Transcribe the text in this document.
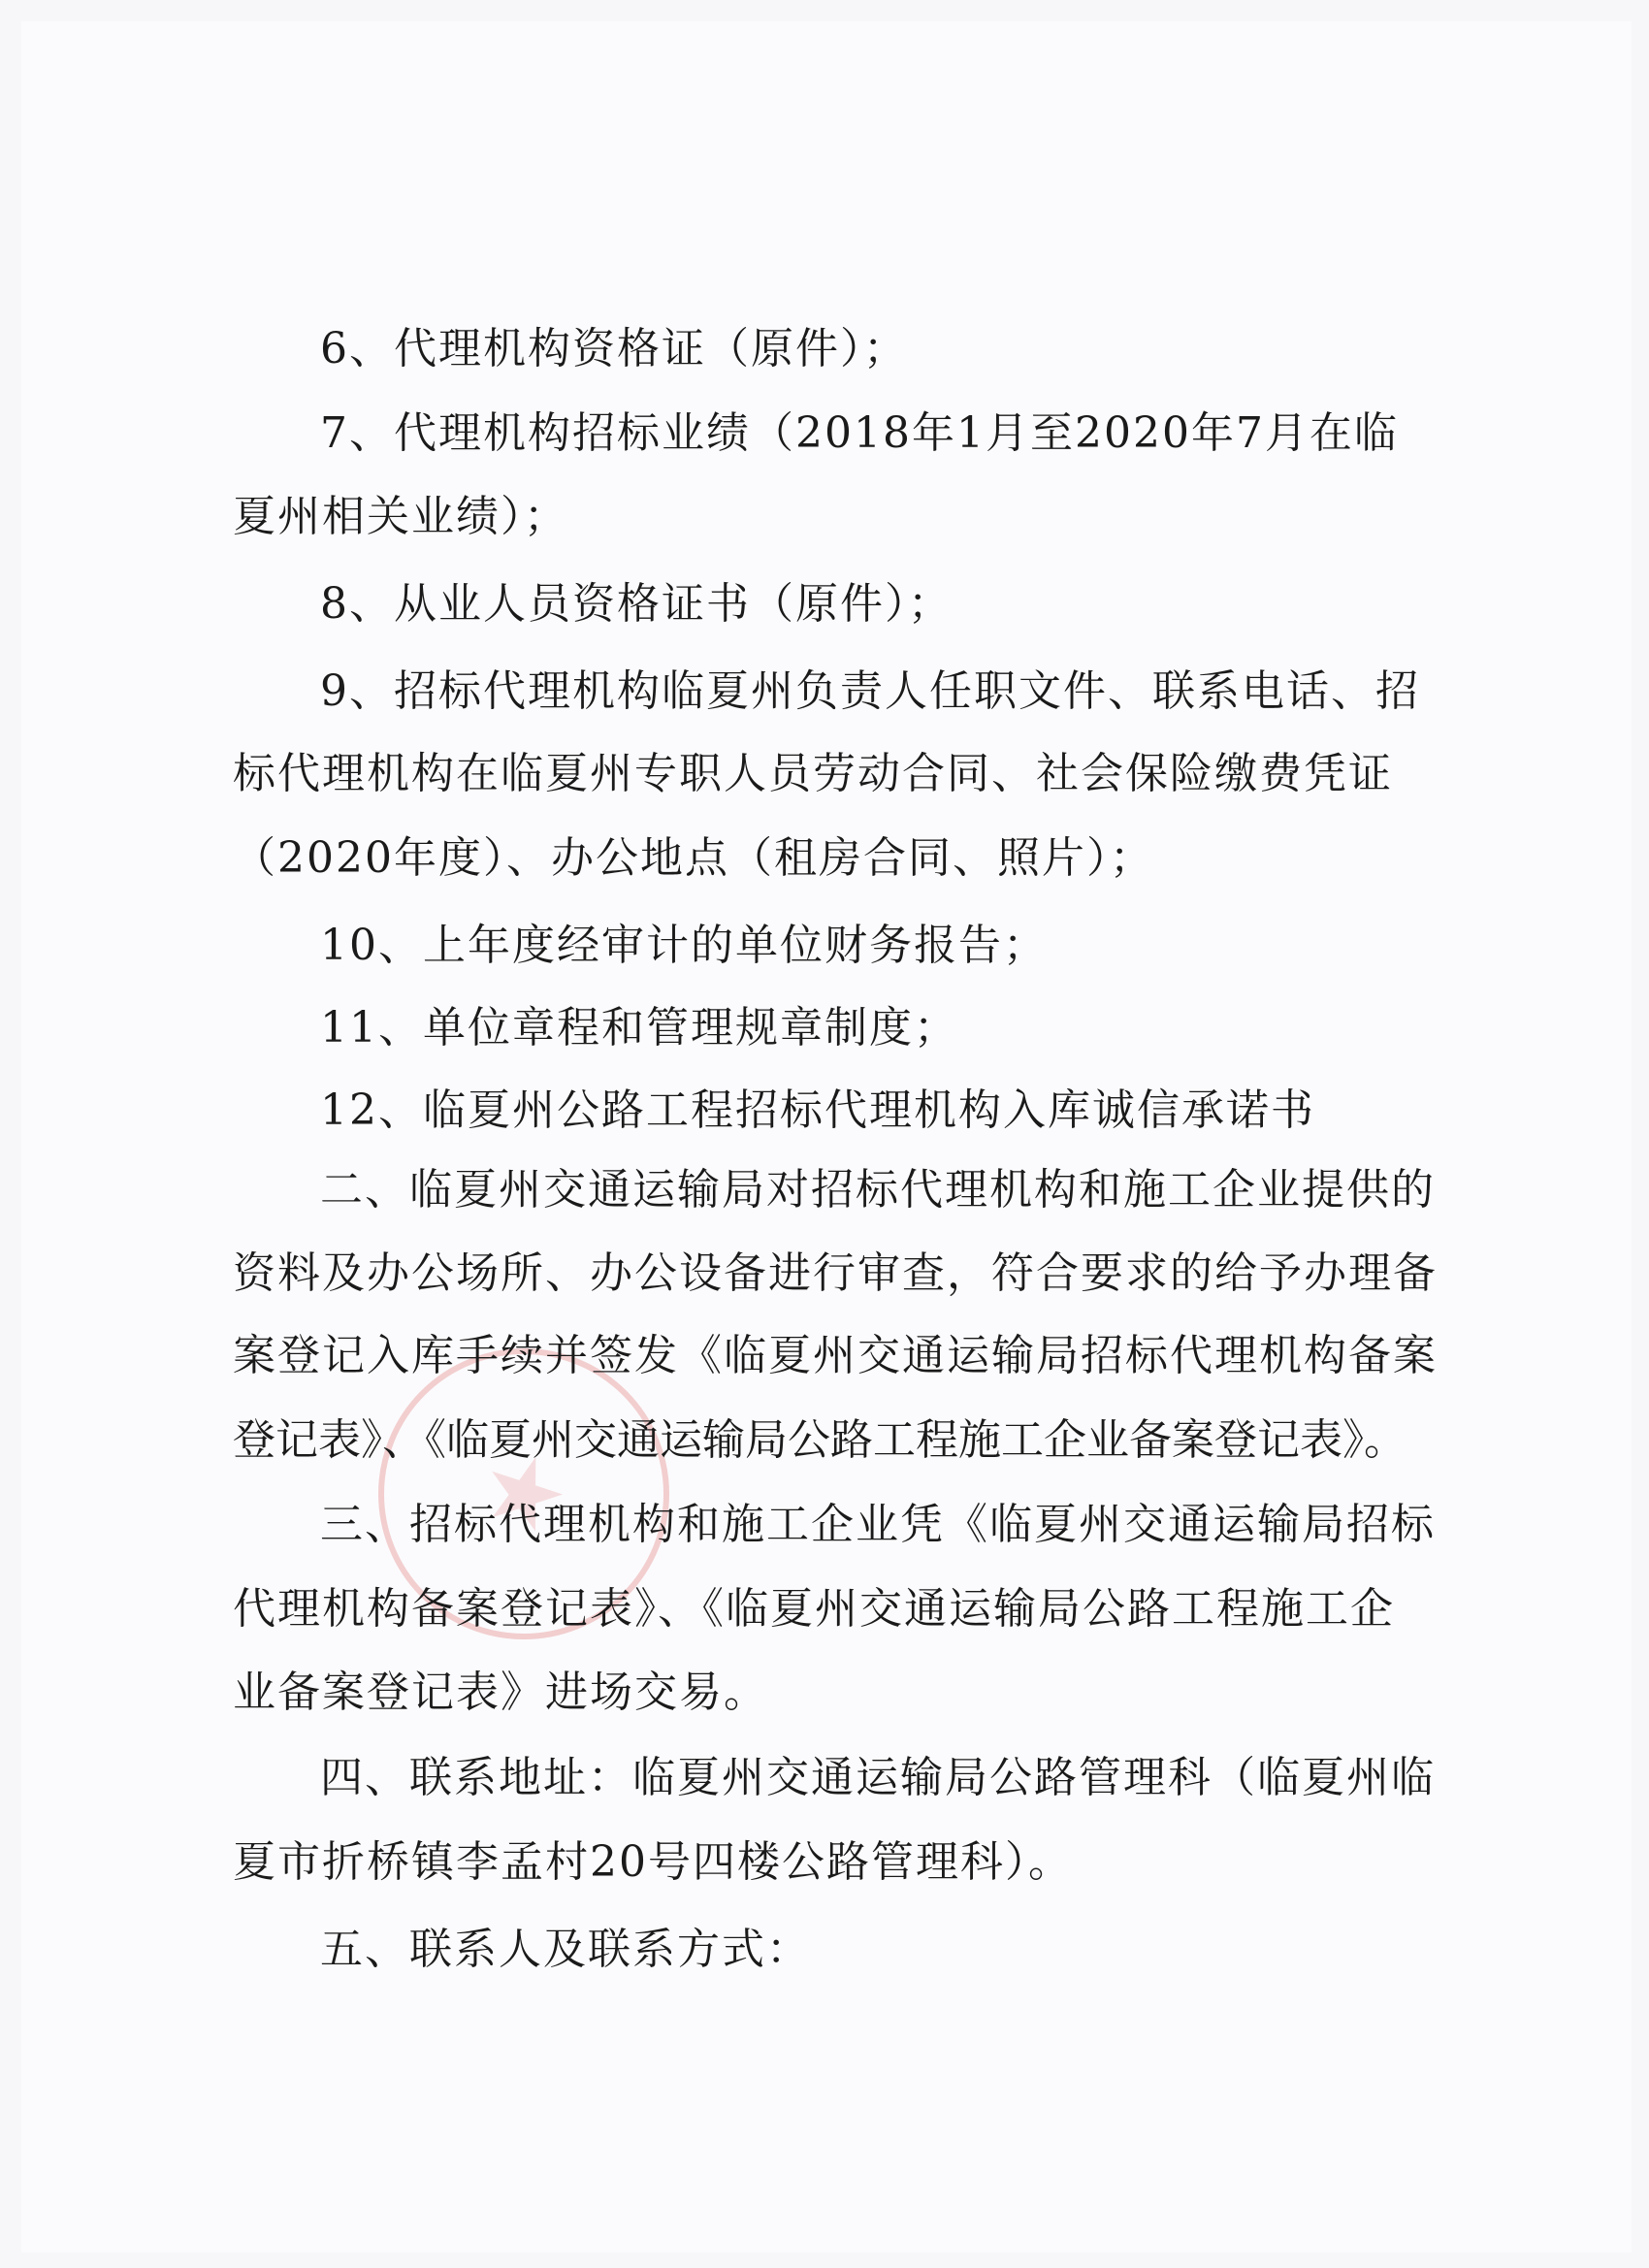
6、代理机构资格证（原件）；
7、代理机构招标业绩（2018年1月至2020年7月在临
夏州相关业绩）；
8、从业人员资格证书（原件）；
9、招标代理机构临夏州负责人任职文件、联系电话、招
标代理机构在临夏州专职人员劳动合同、社会保险缴费凭证
（2020年度）、办公地点（租房合同、照片）；
10、上年度经审计的单位财务报告；
11、单位章程和管理规章制度；
12、临夏州公路工程招标代理机构入库诚信承诺书
二、临夏州交通运输局对招标代理机构和施工企业提供的
资料及办公场所、办公设备进行审查，符合要求的给予办理备
案登记入库手续并签发《临夏州交通运输局招标代理机构备案
登记表》、《临夏州交通运输局公路工程施工企业备案登记表》。
三、招标代理机构和施工企业凭《临夏州交通运输局招标
代理机构备案登记表》、《临夏州交通运输局公路工程施工企
业备案登记表》进场交易。
四、联系地址：临夏州交通运输局公路管理科（临夏州临
夏市折桥镇李孟村20号四楼公路管理科）。
五、联系人及联系方式：
